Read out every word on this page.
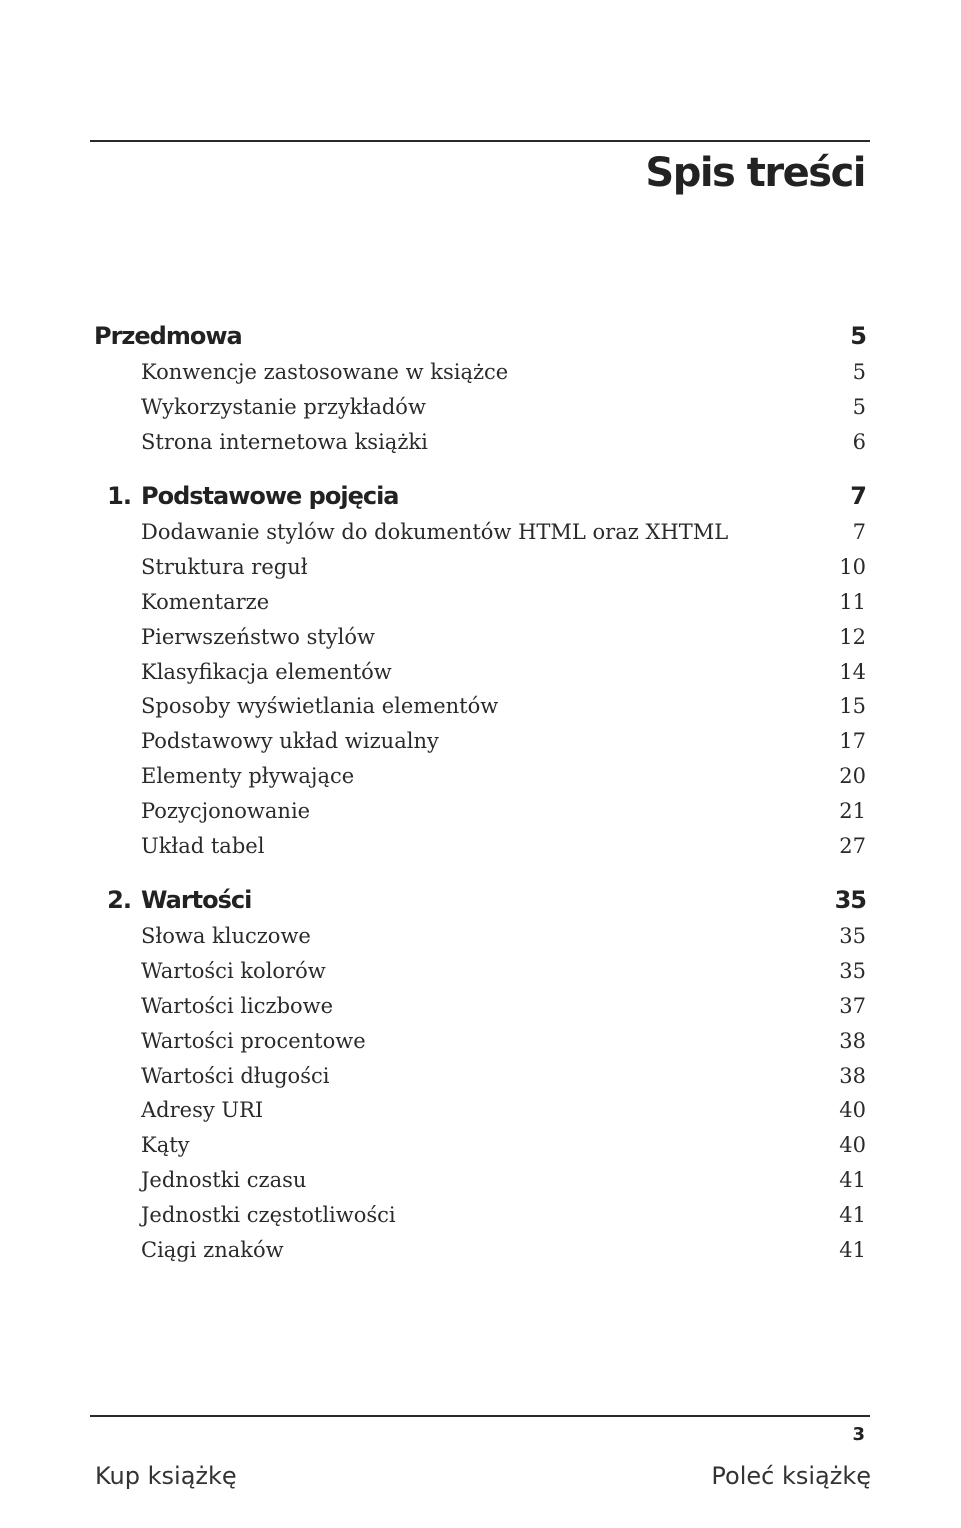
Spis treści
Przedmowa	5
Konwencje zastosowane w książce	5
Wykorzystanie przykładów	5
Strona internetowa książki	6
1. Podstawowe pojęcia	7
Dodawanie stylów do dokumentów HTML oraz XHTML	7
Struktura reguł	10
Komentarze	11
Pierwszeństwo stylów	12
Klasyfikacja elementów	14
Sposoby wyświetlania elementów	15
Podstawowy układ wizualny	17
Elementy pływające	20
Pozycjonowanie	21
Układ tabel	27
2. Wartości	35
Słowa kluczowe	35
Wartości kolorów	35
Wartości liczbowe	37
Wartości procentowe	38
Wartości długości	38
Adresy URI	40
Kąty	40
Jednostki czasu	41
Jednostki częstotliwości	41
Ciągi znaków	41
3
Kup książkę	Poleć książkę
